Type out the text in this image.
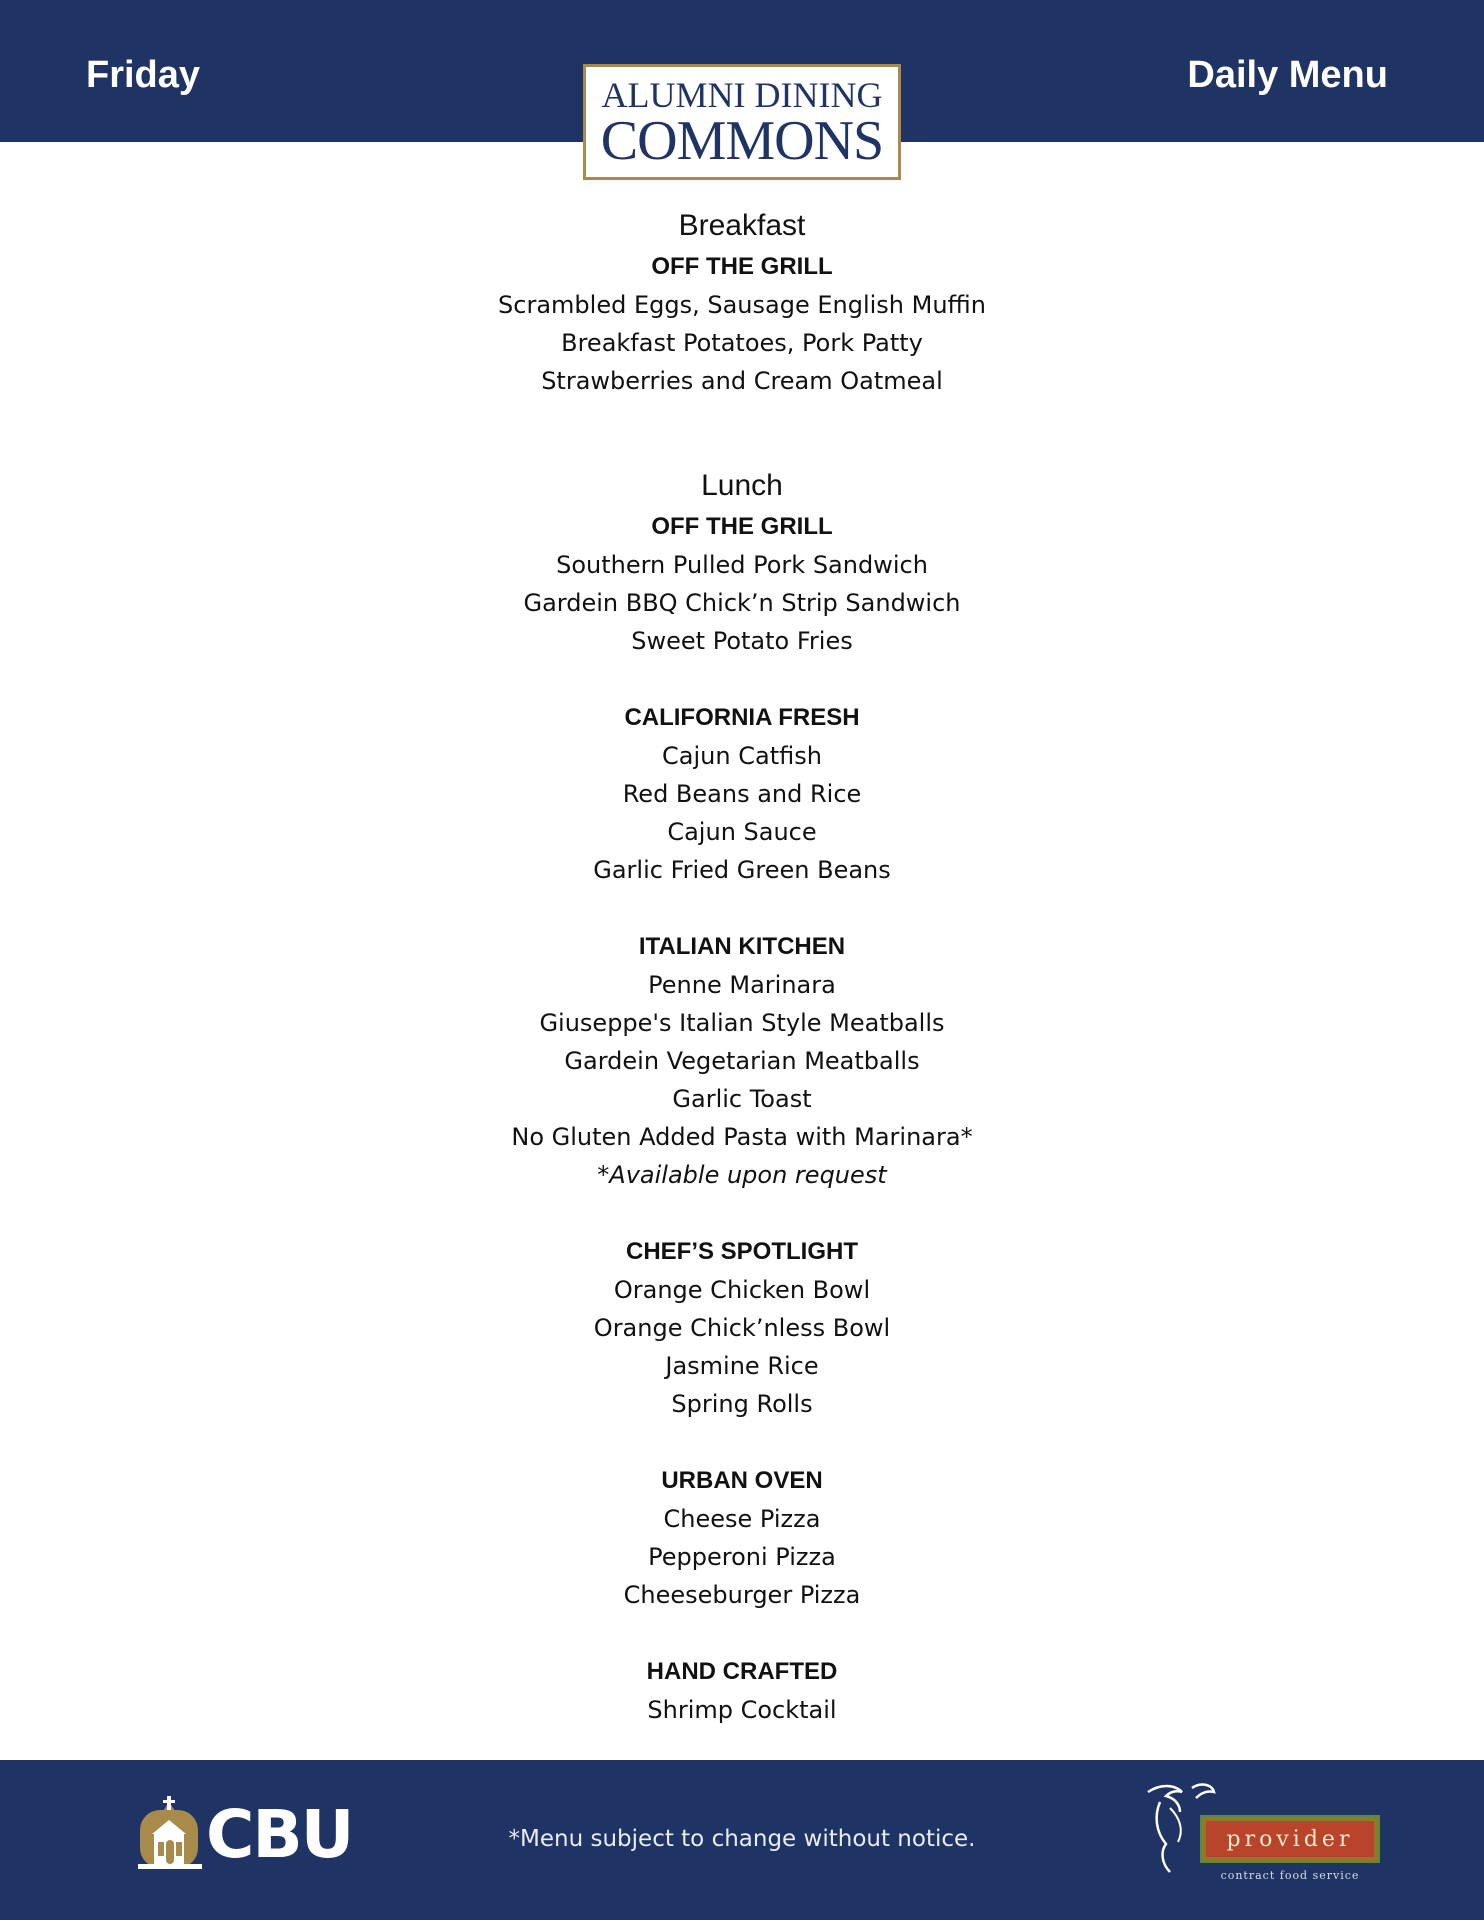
Friday	Daily Menu
ALUMNI DINING
COMMONS
Breakfast
OFF THE GRILL
Scrambled Eggs, Sausage English Muffin
Breakfast Potatoes, Pork Patty
Strawberries and Cream Oatmeal
Lunch
OFF THE GRILL
Southern Pulled Pork Sandwich
Gardein BBQ Chick’n Strip Sandwich
Sweet Potato Fries
CALIFORNIA FRESH
Cajun Catfish
Red Beans and Rice
Cajun Sauce
Garlic Fried Green Beans
ITALIAN KITCHEN
Penne Marinara
Giuseppe's Italian Style Meatballs
Gardein Vegetarian Meatballs
Garlic Toast
No Gluten Added Pasta with Marinara*
*Available upon request
CHEF’S SPOTLIGHT
Orange Chicken Bowl
Orange Chick’nless Bowl
Jasmine Rice
Spring Rolls
URBAN OVEN
Cheese Pizza
Pepperoni Pizza
Cheeseburger Pizza
HAND CRAFTED
Shrimp Cocktail
CBU	*Menu subject to change without notice.	provider
contract food service
